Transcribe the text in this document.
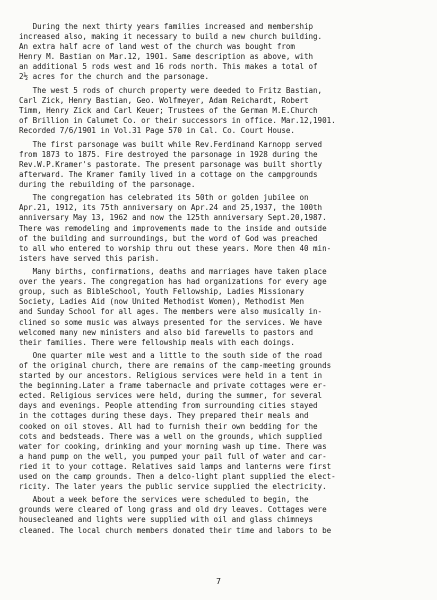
During the next thirty years families increased and membership
increased also, making it necessary to build a new church building.
An extra half acre of land west of the church was bought from
Henry M. Bastian on Mar.12, 1901. Same description as above, with
an additional 5 rods west and 16 rods north. This makes a total of
2½ acres for the church and the parsonage.

The west 5 rods of church property were deeded to Fritz Bastian,
Carl Zick, Henry Bastian, Geo. Wolfmeyer, Adam Reichardt, Robert
Timm, Henry Zick and Carl Keuer; Trustees of the German M.E.Church
of Brillion in Calumet Co. or their successors in office. Mar.12,1901.
Recorded 7/6/1901 in Vol.31 Page 570 in Cal. Co. Court House.

The first parsonage was built while Rev.Ferdinand Karnopp served
from 1873 to 1875. Fire destroyed the parsonage in 1928 during the
Rev.W.P.Kramer's pastorate. The present parsonage was built shortly
afterward. The Kramer family lived in a cottage on the campgrounds
during the rebuilding of the parsonage.

The congregation has celebrated its 50th or golden jubilee on
Apr.21, 1912, its 75th anniversary on Apr.24 and 25,1937, the 100th
anniversary May 13, 1962 and now the 125th anniversary Sept.20,1987.
There was remodeling and improvements made to the inside and outside
of the building and surroundings, but the word of God was preached
to all who entered to worship thru out these years. More then 40 min-
isters have served this parish.

Many births, confirmations, deaths and marriages have taken place
over the years. The congregation has had organizations for every age
group, such as BibleSchool, Youth Fellowship, Ladies Missionary
Society, Ladies Aid (now United Methodist Women), Methodist Men
and Sunday School for all ages. The members were also musically in-
clined so some music was always presented for the services. We have
welcomed many new ministers and also bid farewells to pastors and
their families. There were fellowship meals with each doings.

One quarter mile west and a little to the south side of the road
of the original church, there are remains of the camp-meeting grounds
started by our ancestors. Religious services were held in a tent in
the beginning.Later a frame tabernacle and private cottages were er-
ected. Religious services were held, during the summer, for several
days and evenings. People attending from surrounding cities stayed
in the cottages during these days. They prepared their meals and
cooked on oil stoves. All had to furnish their own bedding for the
cots and bedsteads. There was a well on the grounds, which supplied
water for cooking, drinking and your morning wash up time. There was
a hand pump on the well, you pumped your pail full of water and car-
ried it to your cottage. Relatives said lamps and lanterns were first
used on the camp grounds. Then a delco-light plant supplied the elect-
ricity. The later years the public service supplied the electricity.

About a week before the services were scheduled to begin, the
grounds were cleared of long grass and old dry leaves. Cottages were
housecleaned and lights were supplied with oil and glass chimneys
cleaned. The local church members donated their time and labors to be

7
